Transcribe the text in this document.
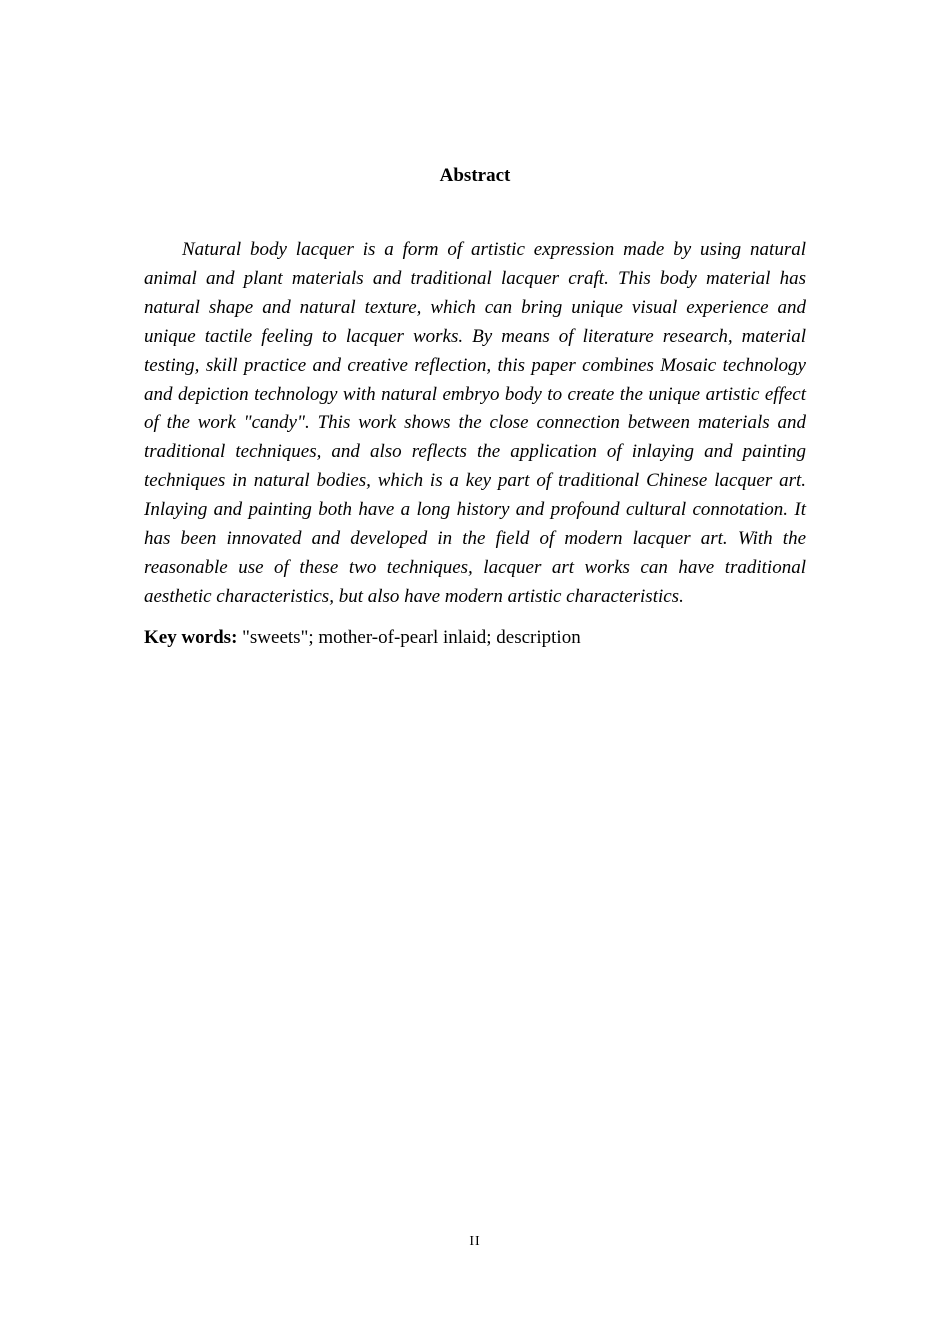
Abstract

Natural body lacquer is a form of artistic expression made by using natural animal and plant materials and traditional lacquer craft. This body material has natural shape and natural texture, which can bring unique visual experience and unique tactile feeling to lacquer works. By means of literature research, material testing, skill practice and creative reflection, this paper combines Mosaic technology and depiction technology with natural embryo body to create the unique artistic effect of the work "candy". This work shows the close connection between materials and traditional techniques, and also reflects the application of inlaying and painting techniques in natural bodies, which is a key part of traditional Chinese lacquer art. Inlaying and painting both have a long history and profound cultural connotation. It has been innovated and developed in the field of modern lacquer art. With the reasonable use of these two techniques, lacquer art works can have traditional aesthetic characteristics, but also have modern artistic characteristics.

Key words: "sweets"; mother-of-pearl inlaid; description

II
